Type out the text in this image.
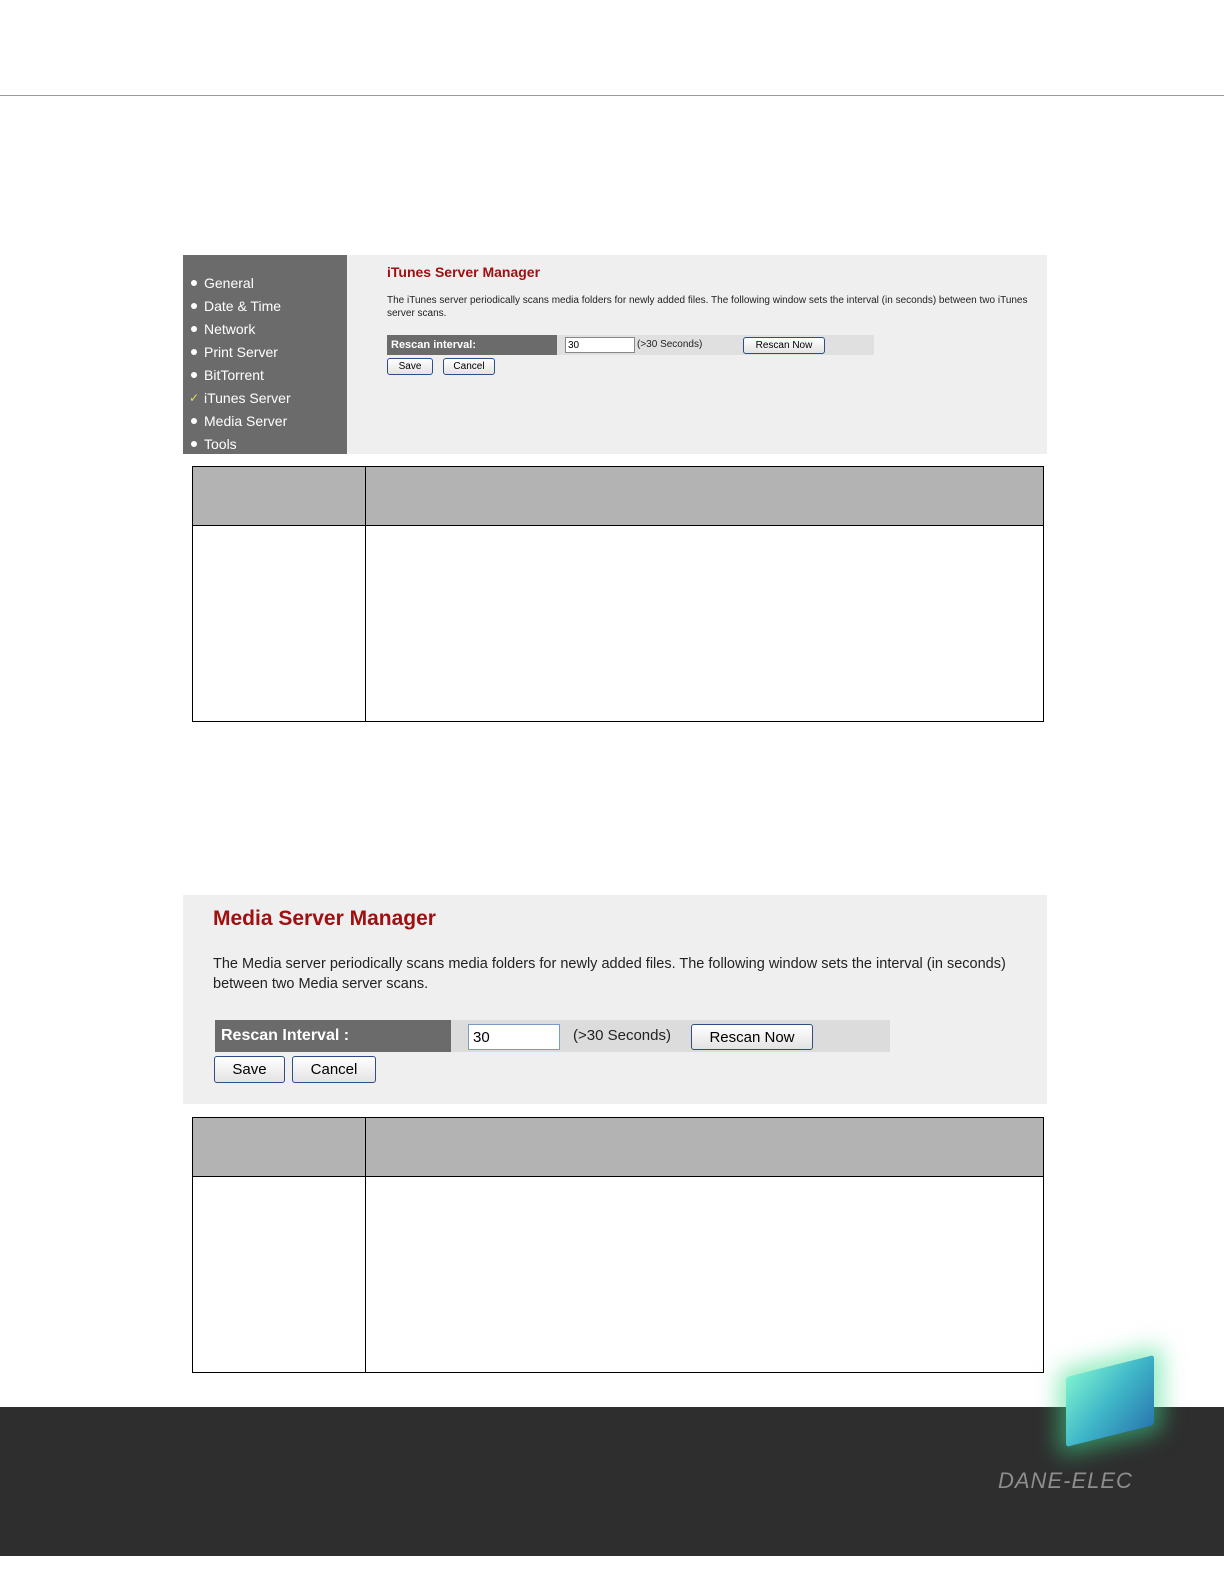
General
Date & Time
Network
Print Server
BitTorrent
✓ iTunes Server
Media Server
Tools
iTunes Server Manager
The iTunes server periodically scans media folders for newly added files. The following window sets the interval (in seconds) between two iTunes server scans.
Rescan interval:
30	(>30 Seconds)	Rescan Now
Save	Cancel
Media Server Manager
The Media server periodically scans media folders for newly added files. The following window sets the interval (in seconds) between two Media server scans.
Rescan Interval :
30	(>30 Seconds)	Rescan Now
Save	Cancel
DANE-ELEC
